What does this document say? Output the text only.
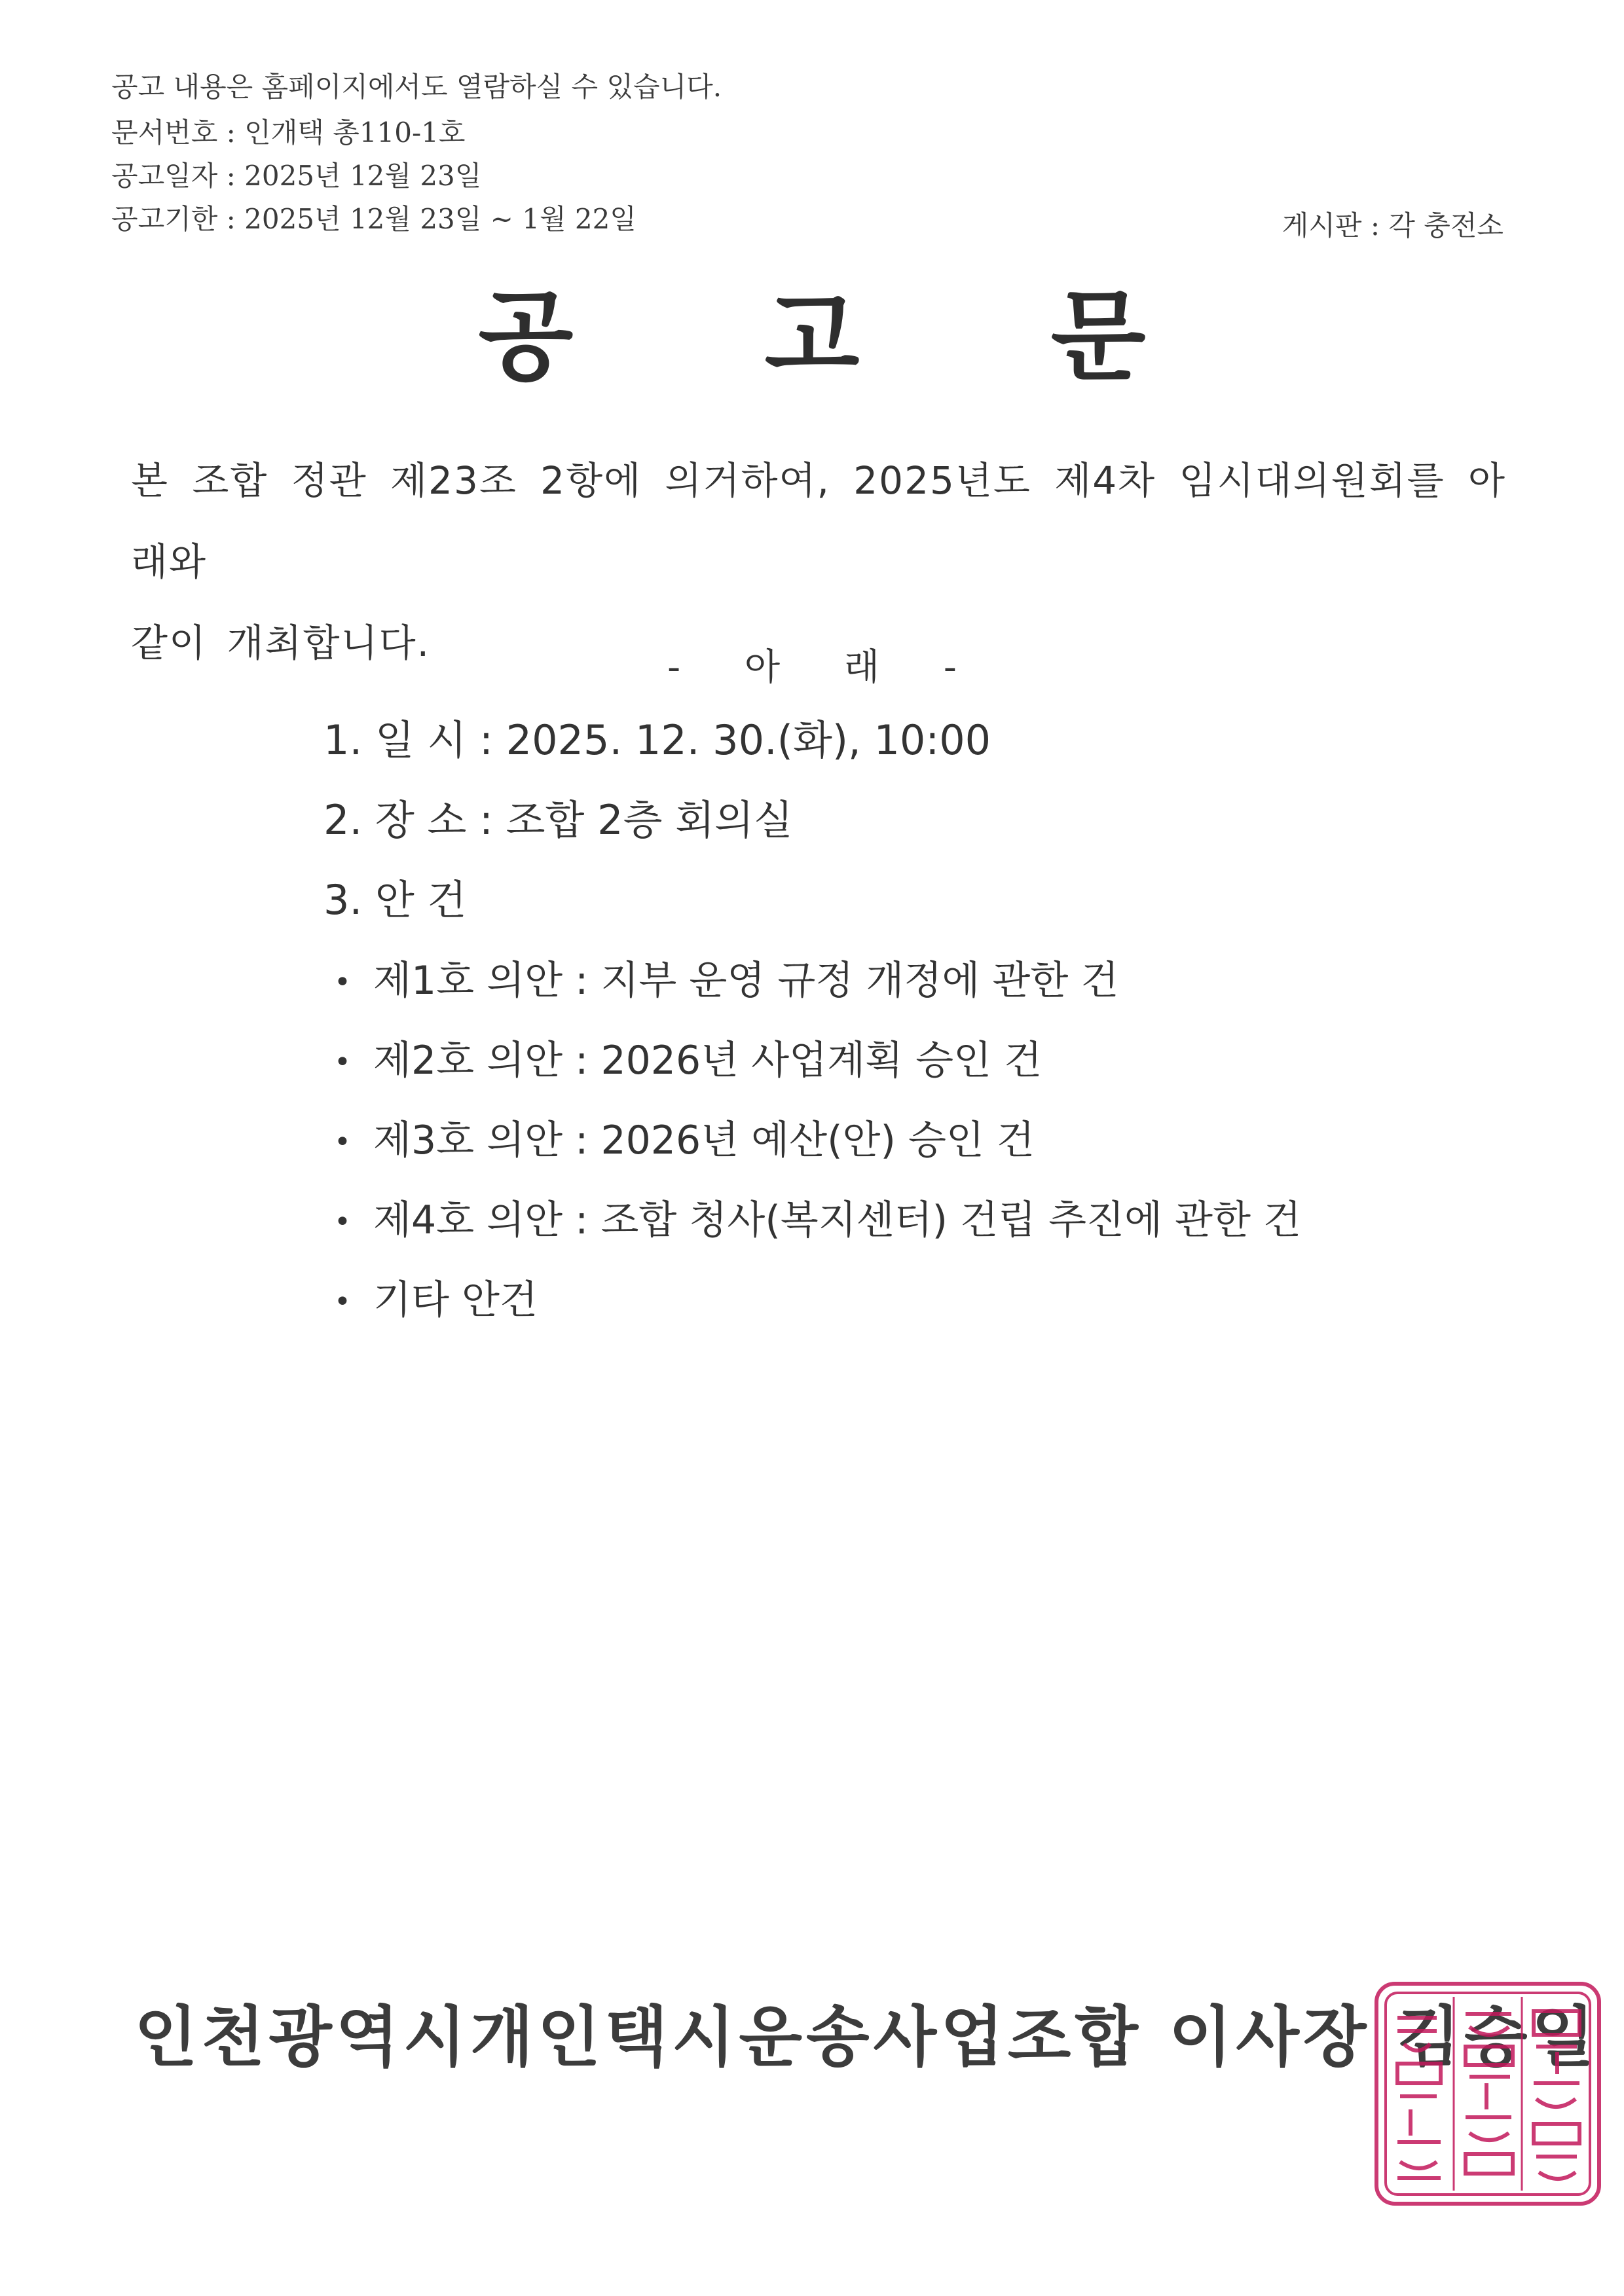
공고 내용은 홈페이지에서도 열람하실 수 있습니다.
문서번호 : 인개택 총110-1호
공고일자 : 2025년 12월 23일
공고기한 : 2025년 12월 23일 ~ 1월 22일	게시판 : 각 충전소
공 고 문
본 조합 정관 제23조 2항에 의거하여, 2025년도 제4차 임시대의원회를 아래와
같이 개최합니다.
- 아 래 -
1. 일 시 : 2025. 12. 30.(화), 10:00
2. 장 소 : 조합 2층 회의실
3. 안 건
• 제1호 의안 : 지부 운영 규정 개정에 관한 건
• 제2호 의안 : 2026년 사업계획 승인 건
• 제3호 의안 : 2026년 예산(안) 승인 건
• 제4호 의안 : 조합 청사(복지센터) 건립 추진에 관한 건
• 기타 안건
인천광역시개인택시운송사업조합 이사장 김승일
